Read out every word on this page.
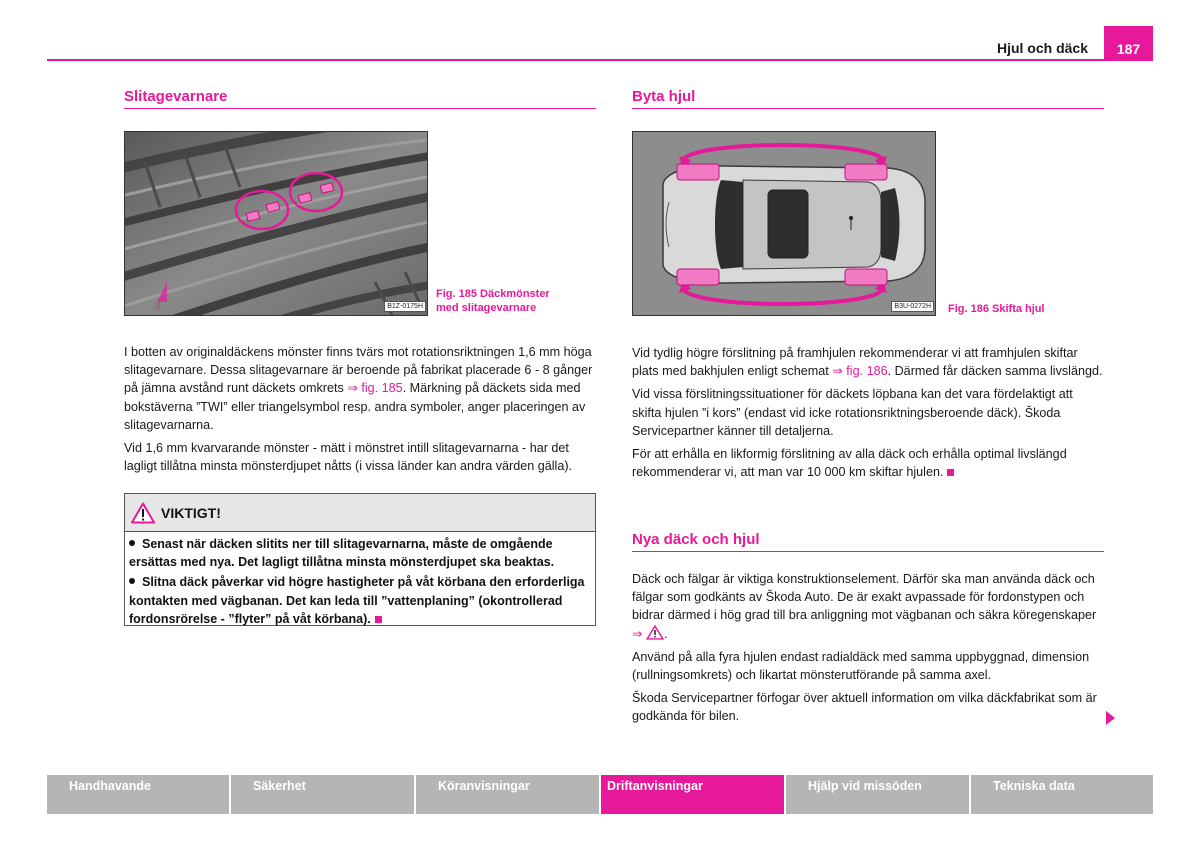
Hjul och däck	187
Slitagevarnare
|||	B1Z-0175H
Fig. 185 Däckmönster
med slitagevarnare

I botten av originaldäckens mönster finns tvärs mot rotationsriktningen 1,6 mm höga slitagevarnare. Dessa slitagevarnare är beroende på fabrikat placerade 6 - 8 gånger på jämna avstånd runt däckets omkrets ⇒ fig. 185. Märkning på däckets sida med bokstäverna ”TWI” eller triangelsymbol resp. andra symboler, anger placeringen av slitagevarnarna.

Vid 1,6 mm kvarvarande mönster - mätt i mönstret intill slitagevarnarna - har det lagligt tillåtna minsta mönsterdjupet nåtts (i vissa länder kan andra värden gälla).

VIKTIGT!

Senast när däcken slitits ner till slitagevarnarna, måste de omgående ersättas med nya. Det lagligt tillåtna minsta mönsterdjupet ska beaktas.

Slitna däck påverkar vid högre hastigheter på våt körbana den erforderliga kontakten med vägbanan. Det kan leda till ”vattenplaning” (okontrollerad fordonsrörelse - ”flyter” på våt körbana).

Byta hjul
B3U-0272H Fig. 186 Skifta hjul

Vid tydlig högre förslitning på framhjulen rekommenderar vi att framhjulen skiftar plats med bakhjulen enligt schemat ⇒ fig. 186. Därmed får däcken samma livslängd.

Vid vissa förslitningssituationer för däckets löpbana kan det vara fördelaktigt att skifta hjulen ”i kors” (endast vid icke rotationsriktningsberoende däck). Škoda Servicepartner känner till detaljerna.

För att erhålla en likformig förslitning av alla däck och erhålla optimal livslängd rekommenderar vi, att man var 10 000 km skiftar hjulen.

Nya däck och hjul

Däck och fälgar är viktiga konstruktionselement. Därför ska man använda däck och fälgar som godkänts av Škoda Auto. De är exakt avpassade för fordonstypen och bidrar därmed i hög grad till bra anliggning mot vägbanan och säkra köregenskaper ⇒ .

Använd på alla fyra hjulen endast radialdäck med samma uppbyggnad, dimension (rullningsomkrets) och likartat mönsterutförande på samma axel.

Škoda Servicepartner förfogar över aktuell information om vilka däckfabrikat som är godkända för bilen.

Handhavande	Säkerhet	Köranvisningar	Driftanvisningar	Hjälp vid missöden	Tekniska data
